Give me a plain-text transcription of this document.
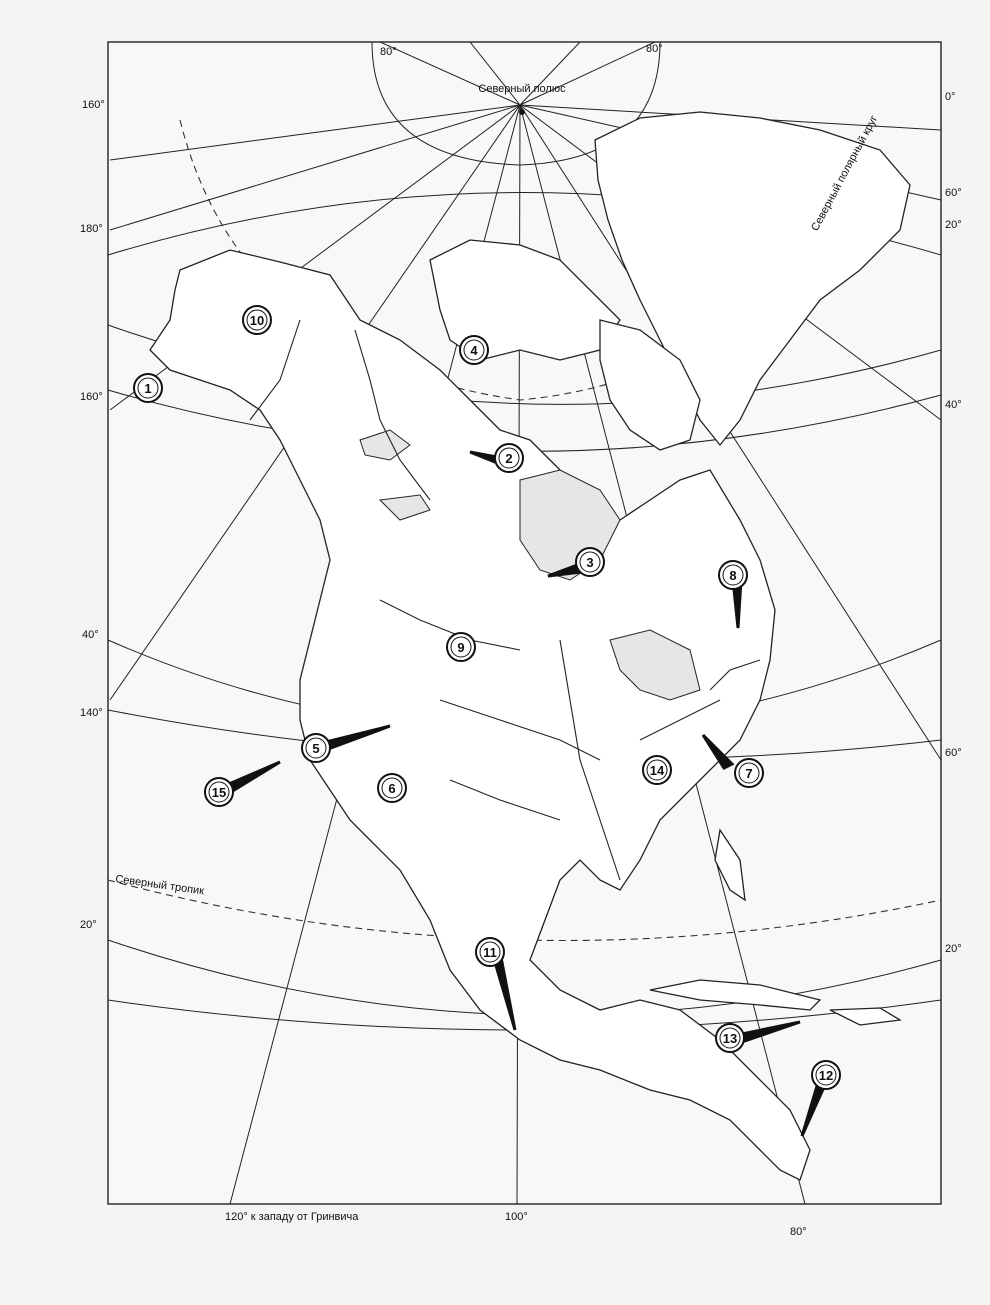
1
2
3
4
5
6
7
8
9
10
11
12
13
14
15
Северный полюс
Северный полярный круг
Северный тропик
120° к западу от Гринвича
80°	80°
160°
0°
60°
20°
180°
160°
40°
40°
140°
60°
20°
20°
100°
80°
